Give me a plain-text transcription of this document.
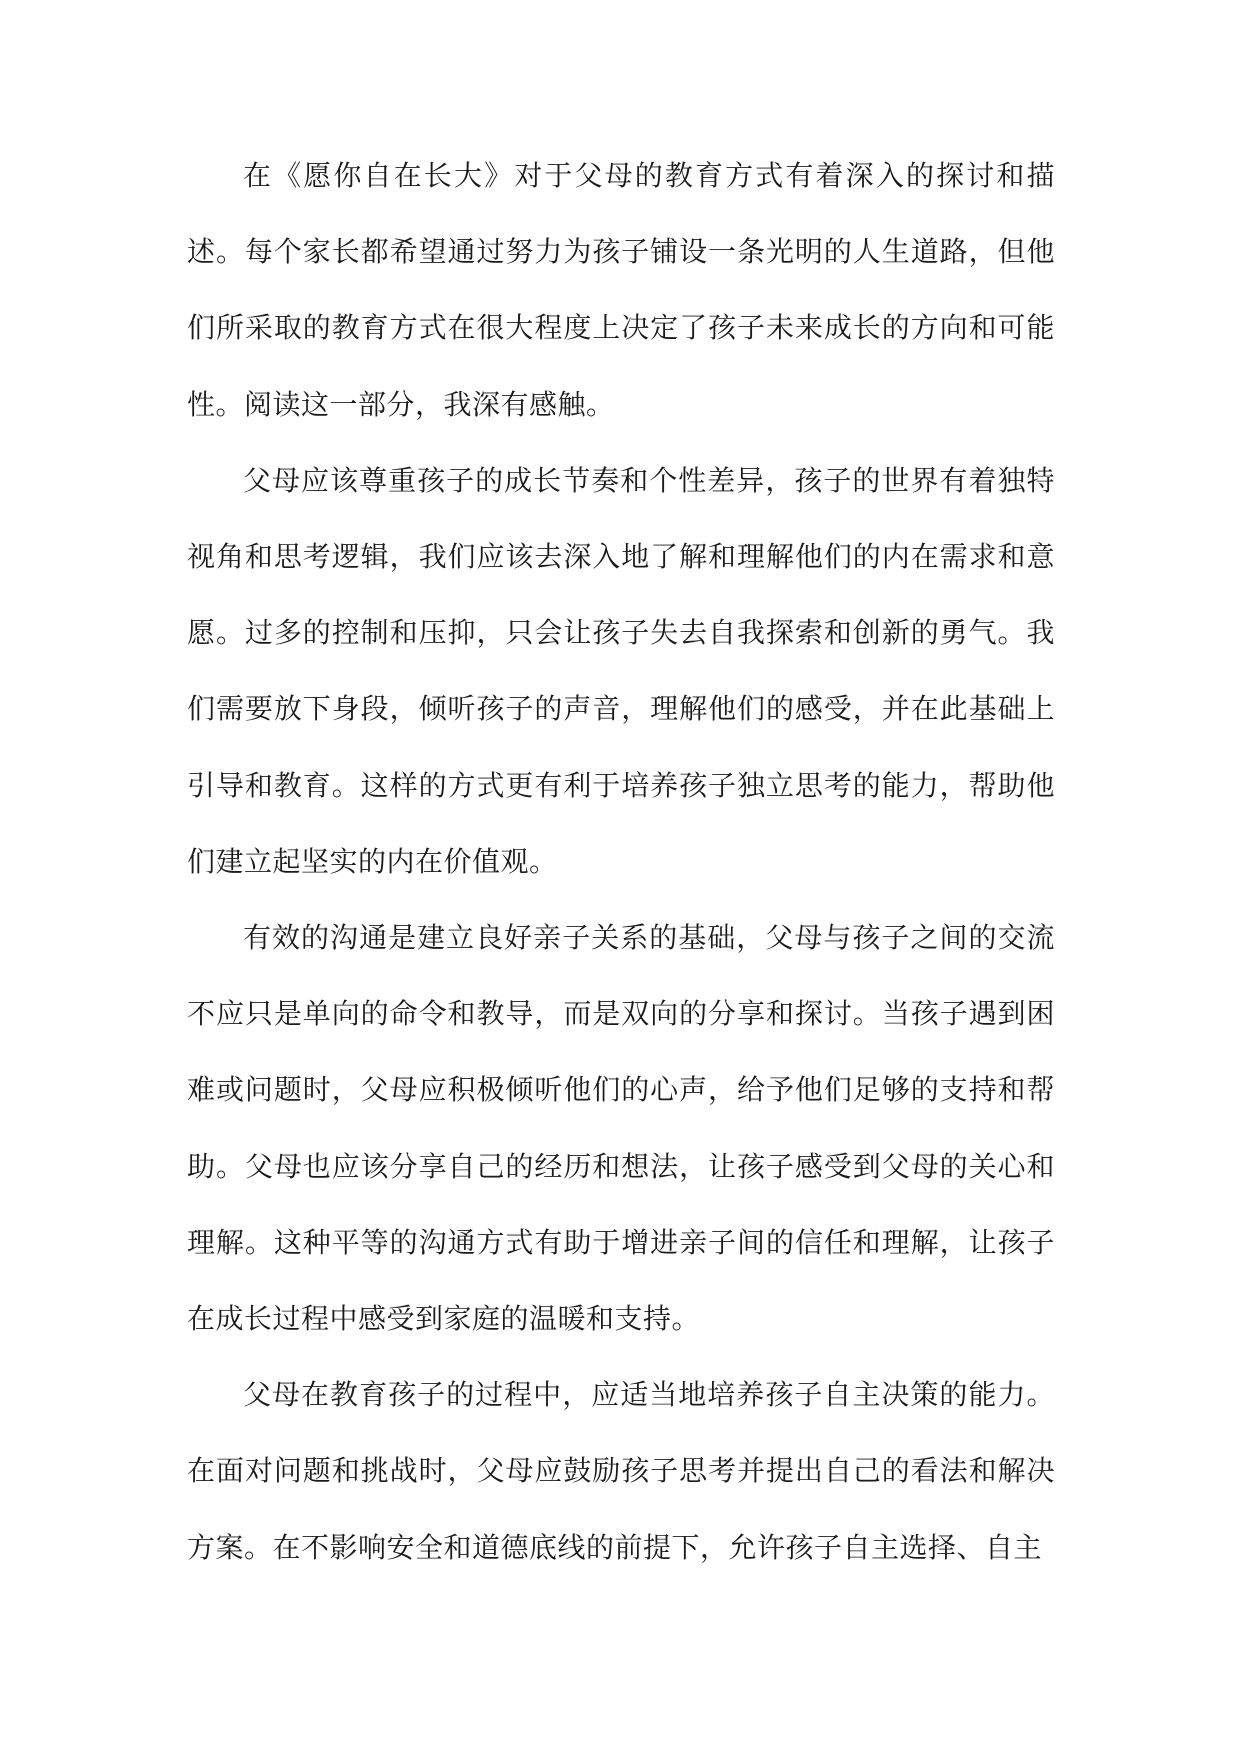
在《愿你自在长大》对于父母的教育方式有着深入的探讨和描述。每个家长都希望通过努力为孩子铺设一条光明的人生道路，但他们所采取的教育方式在很大程度上决定了孩子未来成长的方向和可能性。阅读这一部分，我深有感触。

父母应该尊重孩子的成长节奏和个性差异，孩子的世界有着独特视角和思考逻辑，我们应该去深入地了解和理解他们的内在需求和意愿。过多的控制和压抑，只会让孩子失去自我探索和创新的勇气。我们需要放下身段，倾听孩子的声音，理解他们的感受，并在此基础上引导和教育。这样的方式更有利于培养孩子独立思考的能力，帮助他们建立起坚实的内在价值观。

有效的沟通是建立良好亲子关系的基础，父母与孩子之间的交流不应只是单向的命令和教导，而是双向的分享和探讨。当孩子遇到困难或问题时，父母应积极倾听他们的心声，给予他们足够的支持和帮助。父母也应该分享自己的经历和想法，让孩子感受到父母的关心和理解。这种平等的沟通方式有助于增进亲子间的信任和理解，让孩子在成长过程中感受到家庭的温暖和支持。

父母在教育孩子的过程中，应适当地培养孩子自主决策的能力。在面对问题和挑战时，父母应鼓励孩子思考并提出自己的看法和解决方案。在不影响安全和道德底线的前提下，允许孩子自主选择、自主
